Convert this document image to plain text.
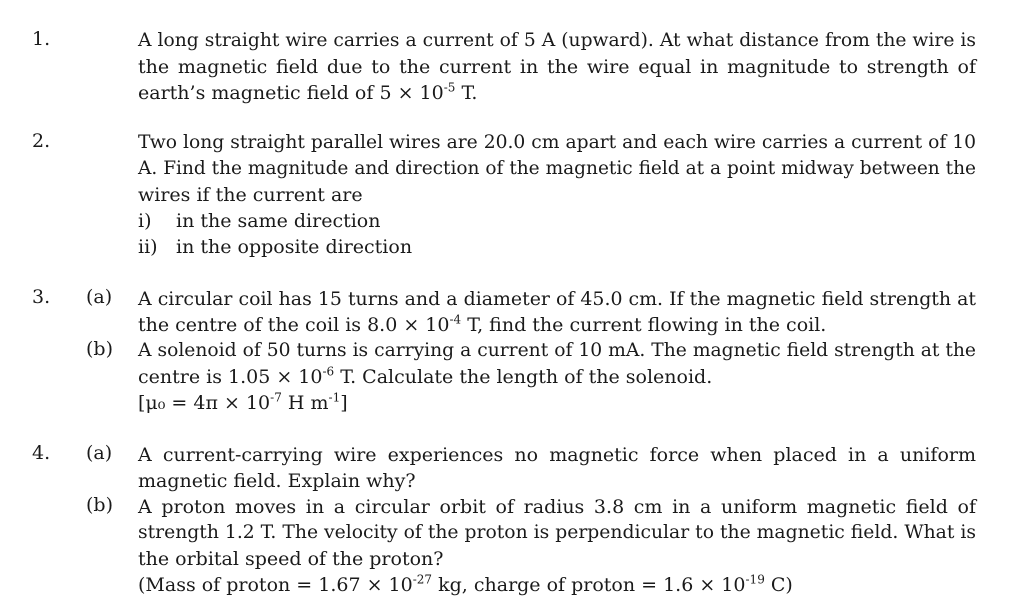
1.	A long straight wire carries a current of 5 A (upward). At what distance from the wire is
the magnetic field due to the current in the wire equal in magnitude to strength of
earth’s magnetic field of $5 \times 10^{-5}$ T.
2.	Two long straight parallel wires are 20.0 cm apart and each wire carries a current of 10
A. Find the magnitude and direction of the magnetic field at a point midway between the
wires if the current are
i) in the same direction
ii) in the opposite direction
3. (a) A circular coil has 15 turns and a diameter of 45.0 cm. If the magnetic field strength at
the centre of the coil is $8.0 \times 10^{-4}$ T, find the current flowing in the coil.
(b) A solenoid of 50 turns is carrying a current of 10 mA. The magnetic field strength at the
centre is $1.05 \times 10^{-6}$ T. Calculate the length of the solenoid.
[$\mu_0 = 4\pi \times 10^{-7}$ H $m^{-1}$]
4. (a) A current-carrying wire experiences no magnetic force when placed in a uniform
magnetic field. Explain why?
(b) A proton moves in a circular orbit of radius 3.8 cm in a uniform magnetic field of
strength 1.2 T. The velocity of the proton is perpendicular to the magnetic field. What is
the orbital speed of the proton?
(Mass of proton = $1.67 \times 10^{-27}$ kg, charge of proton = $1.6 \times 10^{-19}$ C)
